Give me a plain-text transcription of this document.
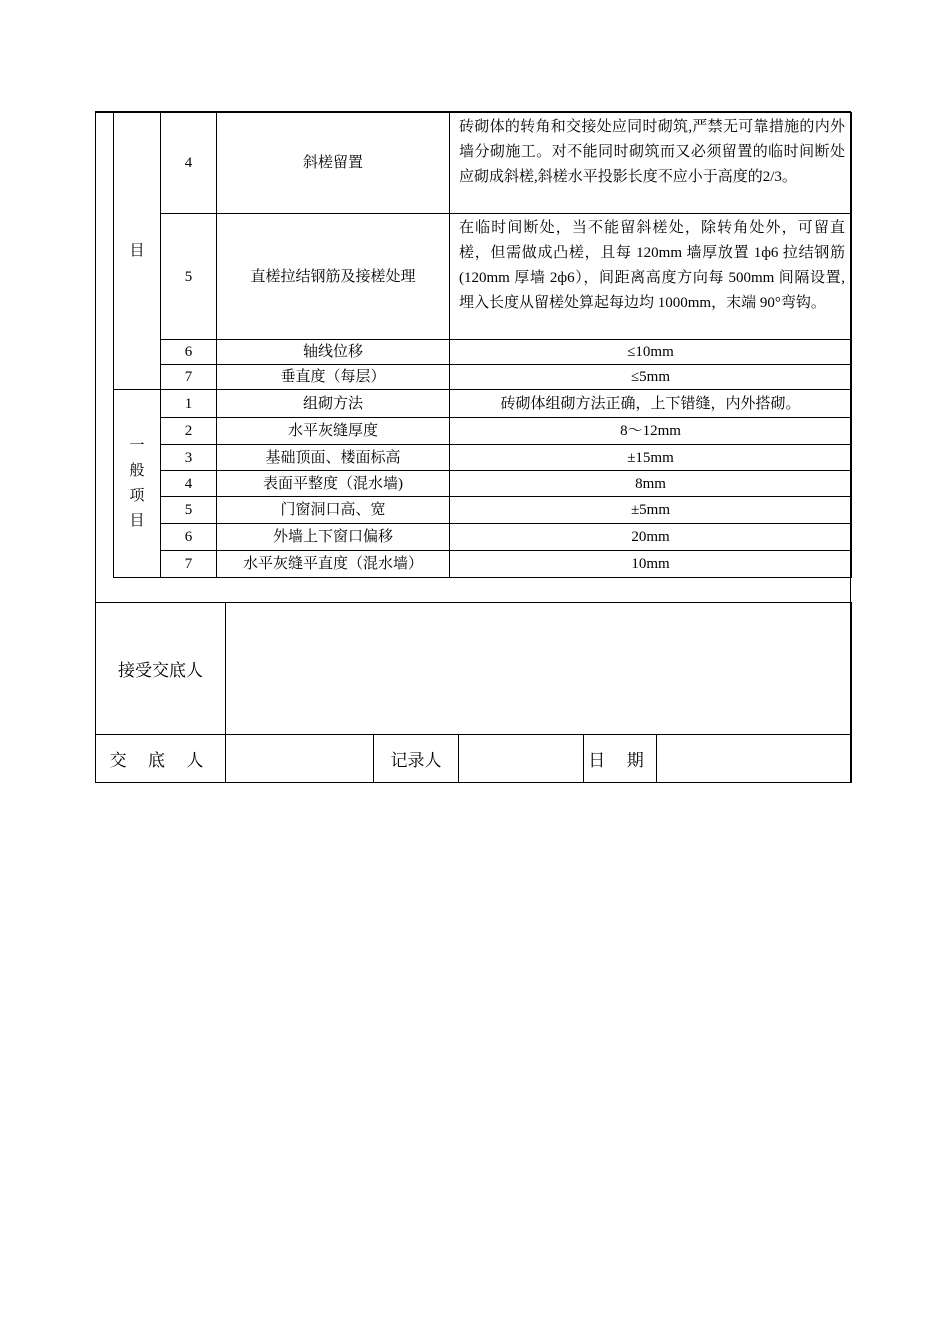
目	4	斜槎留置	砖砌体的转角和交接处应同时砌筑,严禁无可靠措施的内外墙分砌施工。对不能同时砌筑而又必须留置的临时间断处应砌成斜槎,斜槎水平投影长度不应小于高度的2/3。
	5	直槎拉结钢筋及接槎处理	在临时间断处，当不能留斜槎处，除转角处外，可留直槎，但需做成凸槎，且每 120mm 墙厚放置 1ф6 拉结钢筋(120mm 厚墙 2ф6），间距离高度方向每 500mm 间隔设置,埋入长度从留槎处算起每边均 1000mm，末端 90°弯钩。
	6	轴线位移	≤10mm
	7	垂直度（每层）	≤5mm
一
般
项
目	1	组砌方法	砖砌体组砌方法正确，上下错缝，内外搭砌。
	2	水平灰缝厚度	8～12mm
	3	基础顶面、楼面标高	±15mm
	4	表面平整度（混水墙)	8mm
	5	门窗洞口高、宽	±5mm
	6	外墙上下窗口偏移	20mm
	7	水平灰缝平直度（混水墙）	10mm
接受交底人					
交 底 人		记录人		日 期	
